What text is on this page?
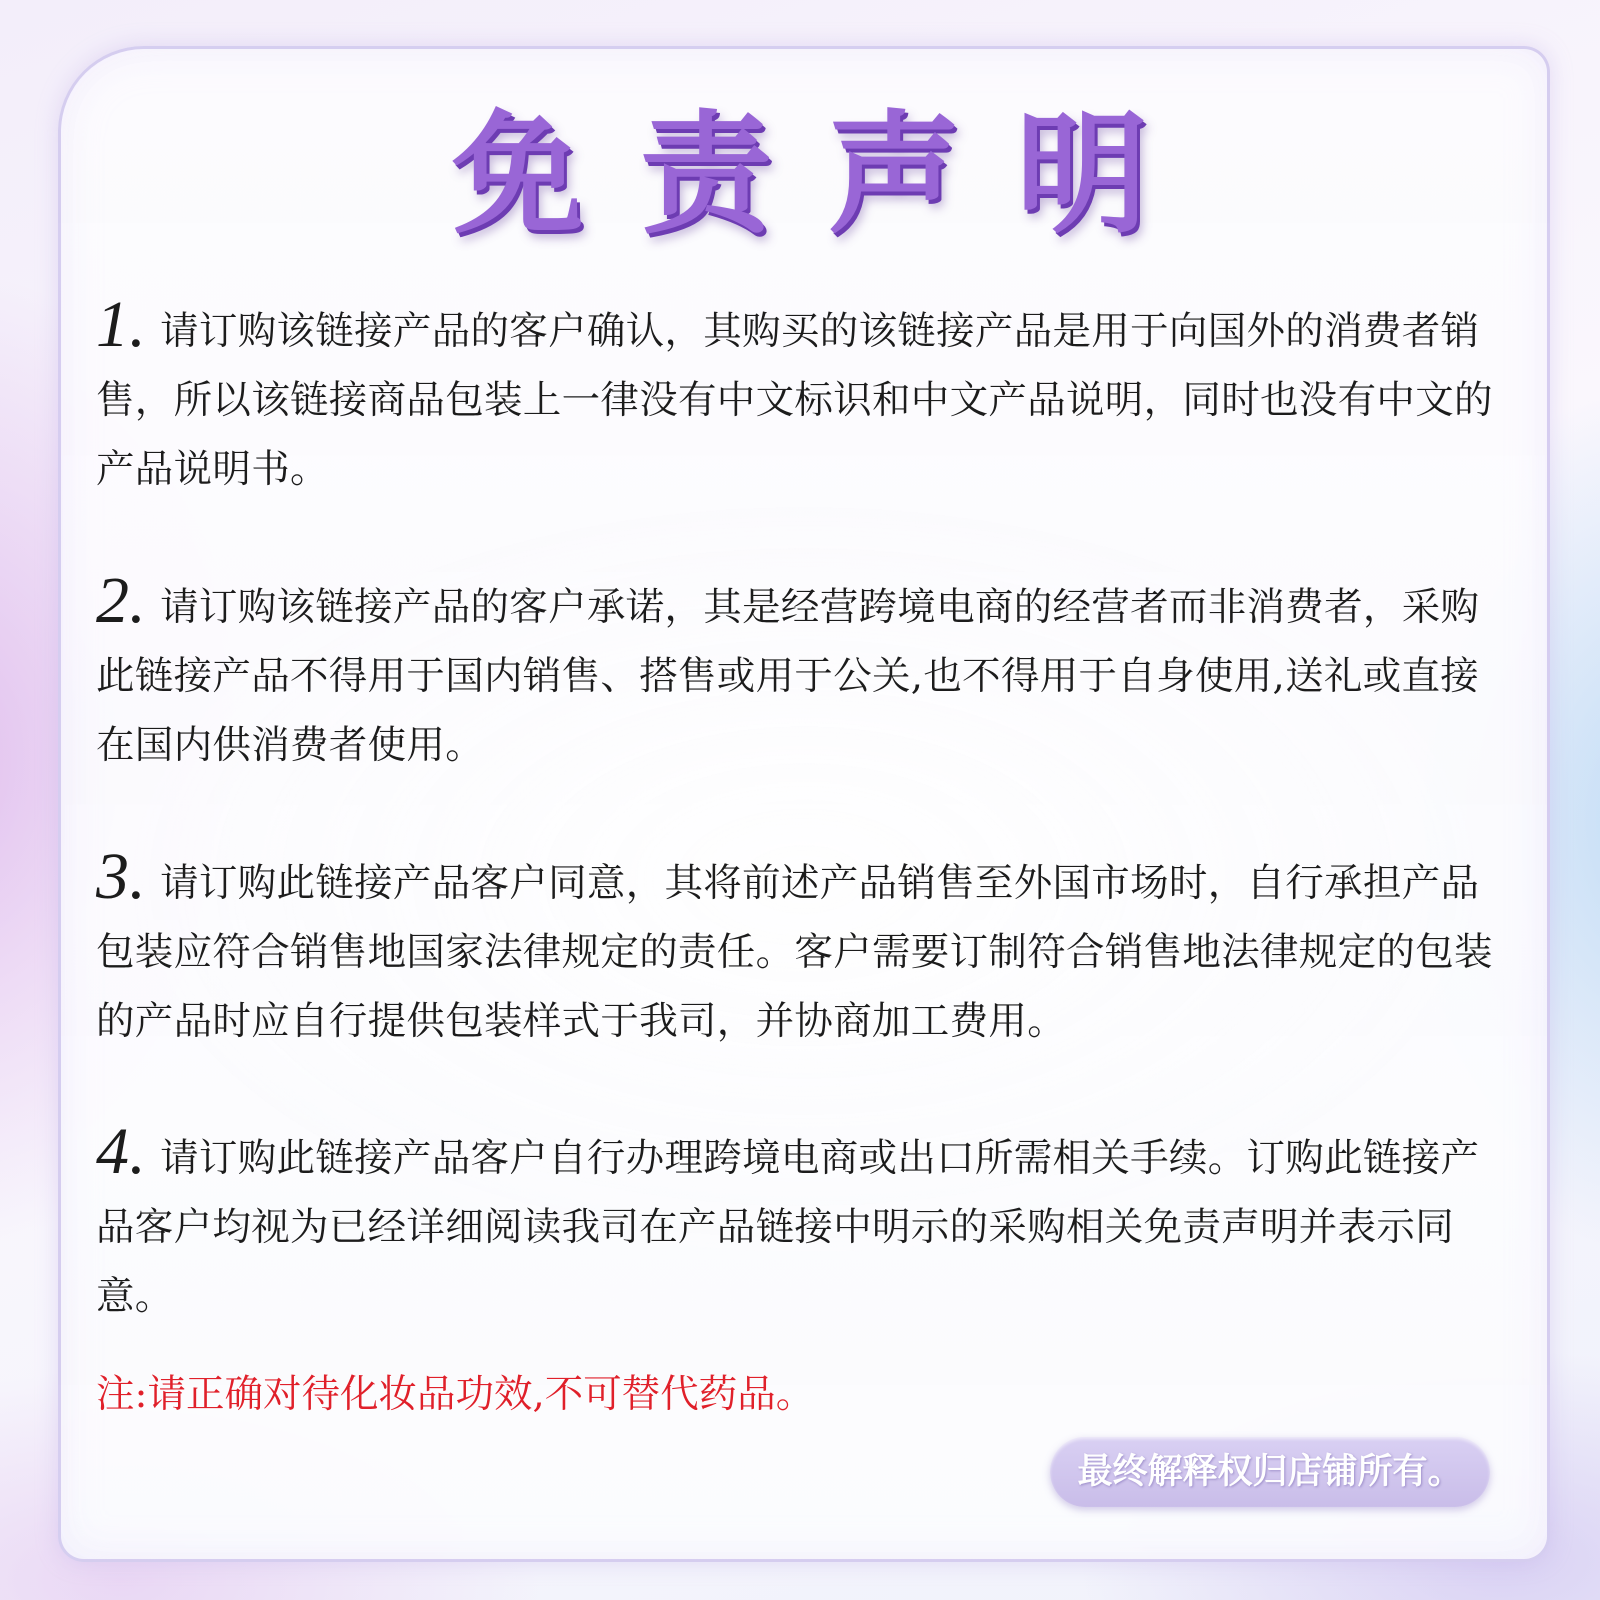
免责声明
1. 请订购该链接产品的客户确认，其购买的该链接产品是用于向国外的消费者销售，所以该链接商品包装上一律没有中文标识和中文产品说明，同时也没有中文的产品说明书。
2. 请订购该链接产品的客户承诺，其是经营跨境电商的经营者而非消费者，采购此链接产品不得用于国内销售、搭售或用于公关,也不得用于自身使用,送礼或直接在国内供消费者使用。
3. 请订购此链接产品客户同意，其将前述产品销售至外国市场时，自行承担产品包装应符合销售地国家法律规定的责任。客户需要订制符合销售地法律规定的包装的产品时应自行提供包装样式于我司，并协商加工费用。
4. 请订购此链接产品客户自行办理跨境电商或出口所需相关手续。订购此链接产品客户均视为已经详细阅读我司在产品链接中明示的采购相关免责声明并表示同意。
注:请正确对待化妆品功效,不可替代药品。
最终解释权归店铺所有。
